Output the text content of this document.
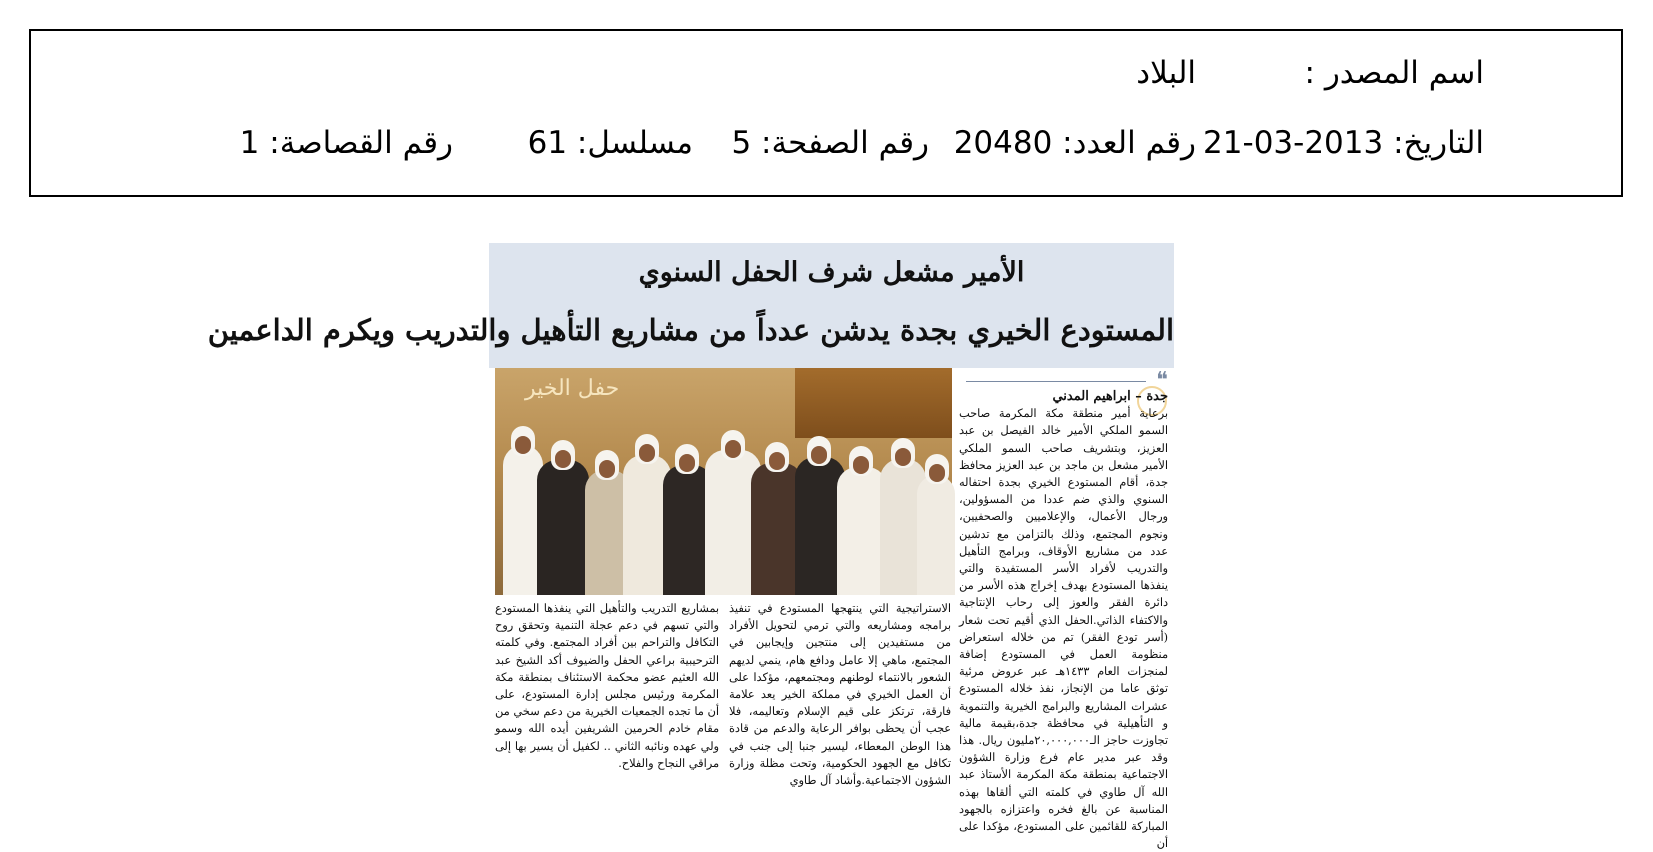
اسم المصدر :
البلاد
التاريخ: 2013-03-21
رقم العدد: 20480
رقم الصفحة: 5
مسلسل: 61
رقم القصاصة: 1
الأمير مشعل شرف الحفل السنوي
المستودع الخيري بجدة يدشن عدداً من مشاريع التأهيل والتدريب ويكرم الداعمين
حفل الخير	❝

جدة – ابراهيم المدني

برعاية أمير منطقة مكة المكرمة صاحب السمو الملكي الأمير خالد الفيصل بن عبد العزيز، وبتشريف صاحب السمو الملكي الأمير مشعل بن ماجد بن عبد العزيز محافظ جدة، أقام المستودع الخيري بجدة احتفاله السنوي والذي ضم عددا من المسؤولين، ورجال الأعمال، والإعلاميين والصحفيين، ونجوم المجتمع، وذلك بالتزامن مع تدشين عدد من مشاريع الأوقاف، وبرامج التأهيل والتدريب لأفراد الأسر المستفيدة والتي ينفذها المستودع بهدف إخراج هذه الأسر من دائرة الفقر والعوز إلى رحاب الإنتاجية والاكتفاء الذاتي.الحفل الذي أقيم تحت شعار (أسر تودع الفقر) تم من خلاله استعراض منظومة العمل في المستودع إضافة لمنجزات العام ١٤٣٣هـ عبر عروض مرئية توثق عاما من الإنجاز، نفذ خلاله المستودع عشرات المشاريع والبرامج الخيرية والتنموية و التأهيلية في محافظة جدة،بقيمة مالية تجاوزت حاجز الـ٢٠,٠٠٠,٠٠٠مليون ريال. هذا وقد عبر مدير عام فرع وزارة الشؤون الاجتماعية بمنطقة مكة المكرمة الأستاذ عبد الله آل طاوي في كلمته التي ألقاها بهذه المناسبة عن بالغ فخره واعتزازه بالجهود المباركة للقائمين على المستودع، مؤكدا على أن

الاستراتيجية التي ينتهجها المستودع في تنفيذ برامجه ومشاريعه والتي ترمي لتحويل الأفراد من مستفيدين إلى منتجين وإيجابين في المجتمع، ماهي إلا عامل ودافع هام، ينمي لديهم الشعور بالانتماء لوطنهم ومجتمعهم، مؤكدا على أن العمل الخيري في مملكة الخير يعد علامة فارقة، ترتكز على قيم الإسلام وتعاليمه، فلا عجب أن يحظى بوافر الرعاية والدعم من قادة هذا الوطن المعطاء، ليسير جنبا إلى جنب في تكافل مع الجهود الحكومية، وتحت مظلة وزارة الشؤون الاجتماعية.وأشاد آل طاوي

بمشاريع التدريب والتأهيل التي ينفذها المستودع والتي تسهم في دعم عجلة التنمية وتحقق روح التكافل والتراحم بين أفراد المجتمع. وفي كلمته الترحيبية براعي الحفل والضيوف أكد الشيخ عبد الله العثيم عضو محكمة الاستئناف بمنطقة مكة المكرمة ورئيس مجلس إدارة المستودع، على أن ما تجده الجمعيات الخيرية من دعم سخي من مقام خادم الحرمين الشريفين أيده الله وسمو ولي عهده ونائبه الثاني .. لكفيل أن يسير بها إلى مراقي النجاح والفلاح.
